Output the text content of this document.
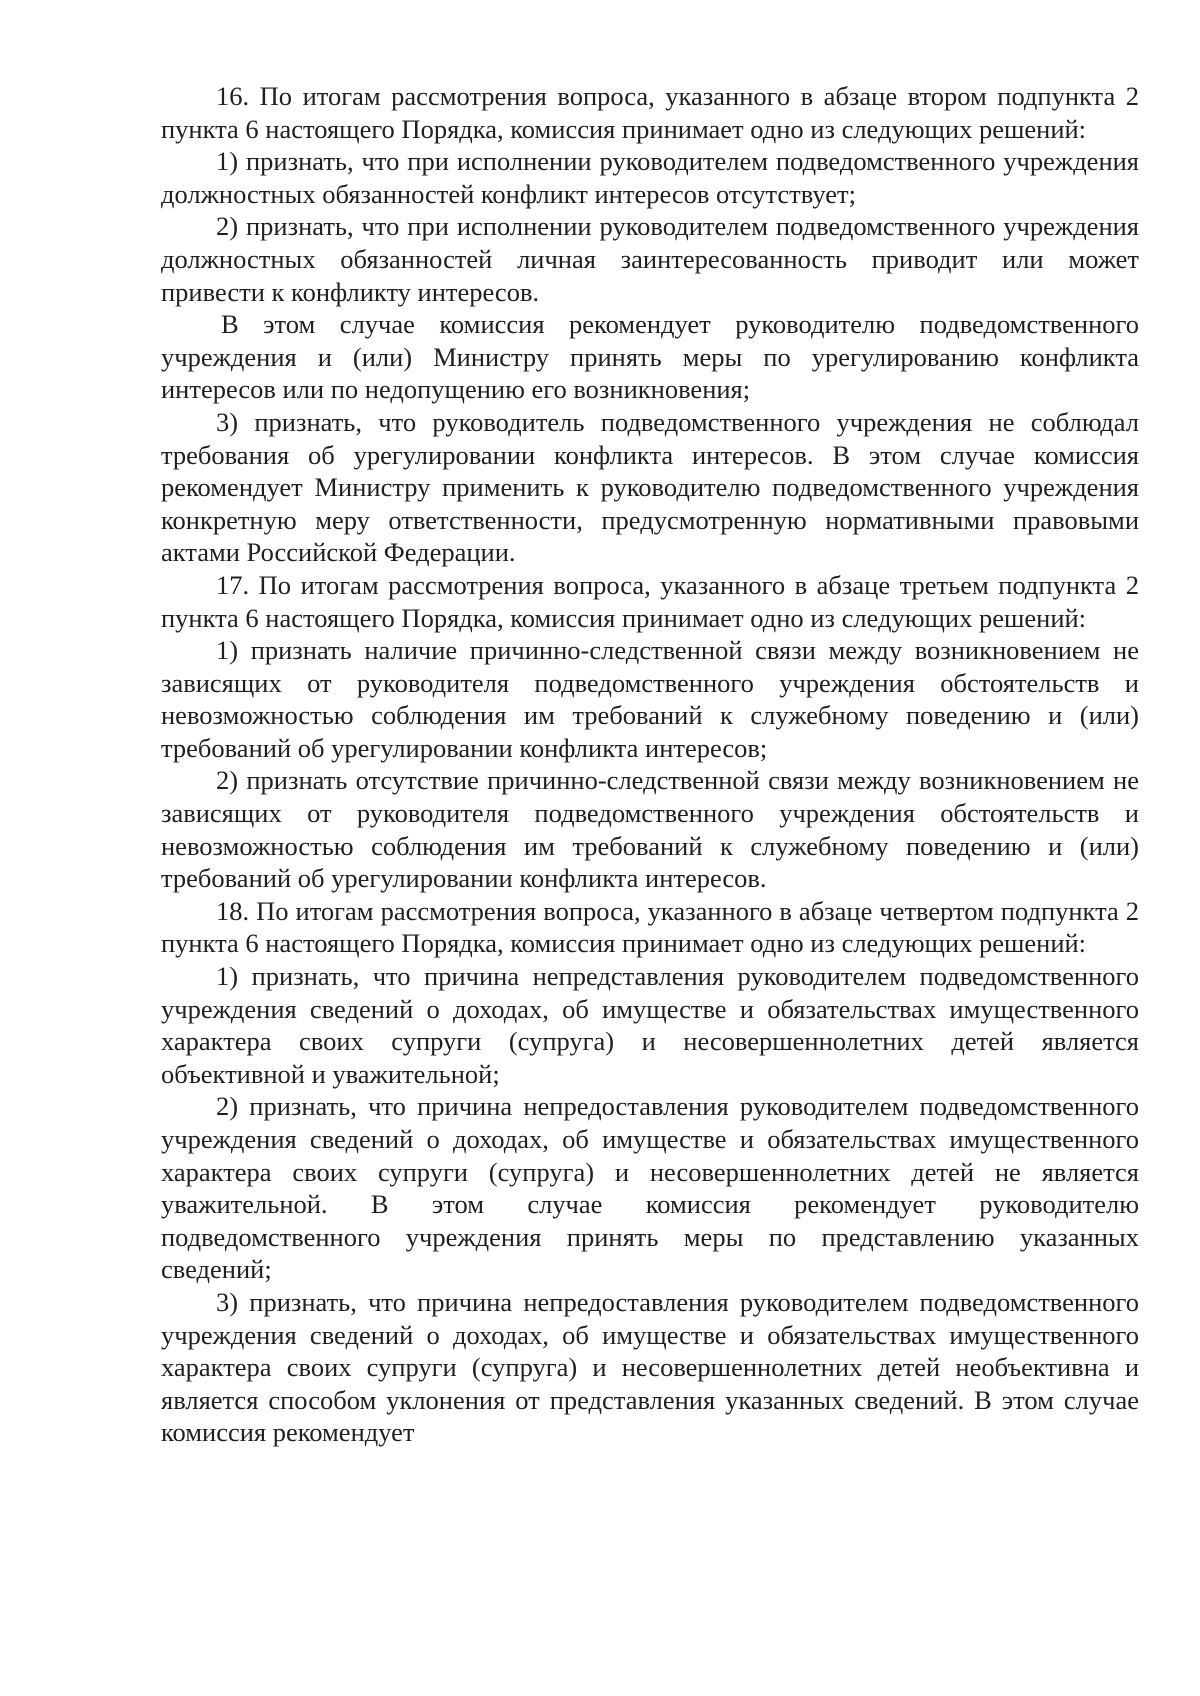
16. По итогам рассмотрения вопроса, указанного в абзаце втором подпункта 2 пункта 6 настоящего Порядка, комиссия принимает одно из следующих решений:

1) признать, что при исполнении руководителем подведомственного учреждения должностных обязанностей конфликт интересов отсутствует;

2) признать, что при исполнении руководителем подведомственного учреждения должностных обязанностей личная заинтересованность приводит или может привести к конфликту интересов.

В этом случае комиссия рекомендует руководителю подведомственного учреждения и (или) Министру принять меры по урегулированию конфликта интересов или по недопущению его возникновения;

3) признать, что руководитель подведомственного учреждения не соблюдал требования об урегулировании конфликта интересов. В этом случае комиссия рекомендует Министру применить к руководителю подведомственного учреждения конкретную меру ответственности, предусмотренную нормативными правовыми актами Российской Федерации.

17. По итогам рассмотрения вопроса, указанного в абзаце третьем подпункта 2 пункта 6 настоящего Порядка, комиссия принимает одно из следующих решений:

1) признать наличие причинно-следственной связи между возникновением не зависящих от руководителя подведомственного учреждения обстоятельств и невозможностью соблюдения им требований к служебному поведению и (или) требований об урегулировании конфликта интересов;

2) признать отсутствие причинно-следственной связи между возникновением не зависящих от руководителя подведомственного учреждения обстоятельств и невозможностью соблюдения им требований к служебному поведению и (или) требований об урегулировании конфликта интересов.

18. По итогам рассмотрения вопроса, указанного в абзаце четвертом подпункта 2 пункта 6 настоящего Порядка, комиссия принимает одно из следующих решений:

1) признать, что причина непредставления руководителем подведомственного учреждения сведений о доходах, об имуществе и обязательствах имущественного характера своих супруги (супруга) и несовершеннолетних детей является объективной и уважительной;

2) признать, что причина непредоставления руководителем подведомственного учреждения сведений о доходах, об имуществе и обязательствах имущественного характера своих супруги (супруга) и несовершеннолетних детей не является уважительной. В этом случае комиссия рекомендует руководителю подведомственного учреждения принять меры по представлению указанных сведений;

3) признать, что причина непредоставления руководителем подведомственного учреждения сведений о доходах, об имуществе и обязательствах имущественного характера своих супруги (супруга) и несовершеннолетних детей необъективна и является способом уклонения от представления указанных сведений. В этом случае комиссия рекомендует
